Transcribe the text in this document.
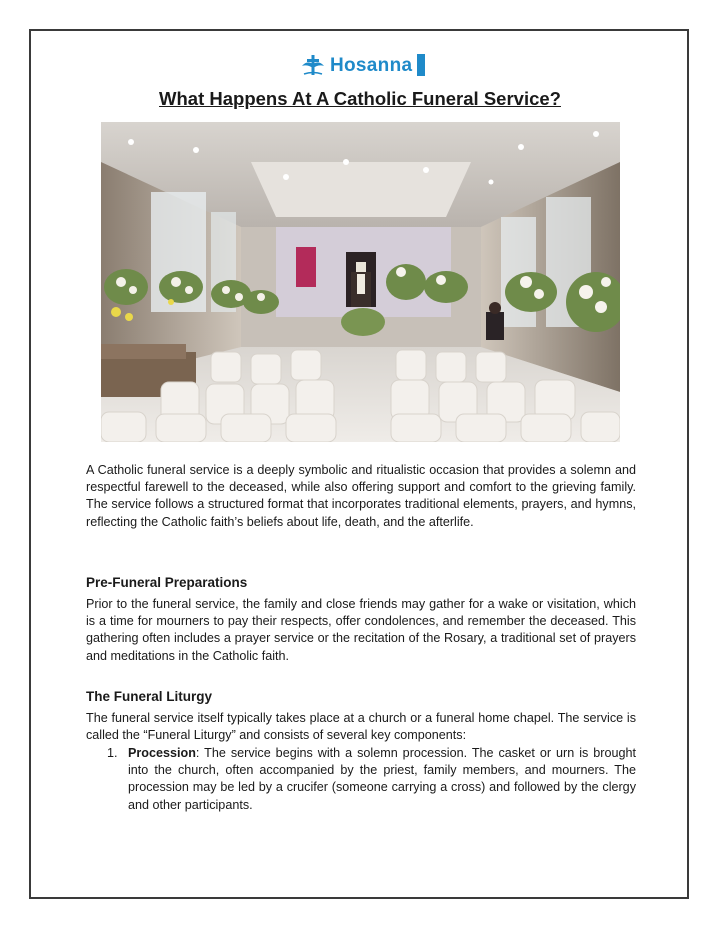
Hosanna
What Happens At A Catholic Funeral Service?

A Catholic funeral service is a deeply symbolic and ritualistic occasion that provides a solemn and respectful farewell to the deceased, while also offering support and comfort to the grieving family. The service follows a structured format that incorporates traditional elements, prayers, and hymns, reflecting the Catholic faith’s beliefs about life, death, and the afterlife.

Pre-Funeral Preparations

Prior to the funeral service, the family and close friends may gather for a wake or visitation, which is a time for mourners to pay their respects, offer condolences, and remember the deceased. This gathering often includes a prayer service or the recitation of the Rosary, a traditional set of prayers and meditations in the Catholic faith.

The Funeral Liturgy

The funeral service itself typically takes place at a church or a funeral home chapel. The service is called the “Funeral Liturgy” and consists of several key components:

1. Procession: The service begins with a solemn procession. The casket or urn is brought into the church, often accompanied by the priest, family members, and mourners. The procession may be led by a crucifer (someone carrying a cross) and followed by the clergy and other participants.
